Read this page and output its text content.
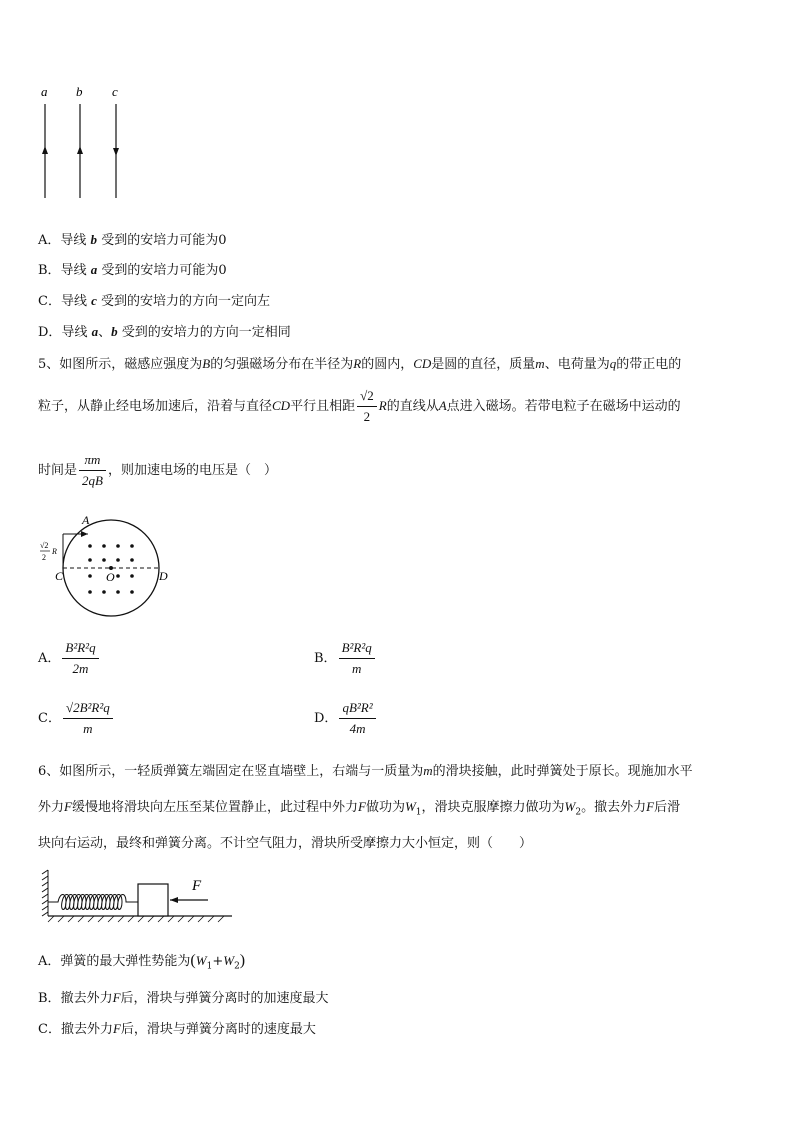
a b c
A．导线 b 受到的安培力可能为0
B．导线 a 受到的安培力可能为0
C．导线 c 受到的安培力的方向一定向左
D．导线 a、b 受到的安培力的方向一定相同
5、如图所示，磁感应强度为B的匀强磁场分布在半径为R的圆内，CD是圆的直径，质量m、电荷量为q的带正电的
粒子，从静止经电场加速后，沿着与直径CD平行且相距 $\frac{√2}{2}$ R的直线从A点进入磁场。若带电粒子在磁场中运动的
时间是 $\frac{\pi m}{2qB}$ ，则加速电场的电压是（　）
A
C	O	D
√2
2
R
A． $\frac{\text{B²R²q}}{2m}$	B． $\frac{\text{B²R²q}}{m}$
C． $\frac{\text{√2B²R²q}}{m}$	D． $\frac{\text{qB²R²}}{4m}$
6、如图所示，一轻质弹簧左端固定在竖直墙壁上，右端与一质量为m的滑块接触，此时弹簧处于原长。现施加水平
外力F缓慢地将滑块向左压至某位置静止，此过程中外力F做功为$W_1$，滑块克服摩擦力做功为$W_2$。撤去外力F后滑
块向右运动，最终和弹簧分离。不计空气阻力，滑块所受摩擦力大小恒定，则（　　）
F
A．弹簧的最大弹性势能为$(W_1+W_2)$
B．撤去外力F后，滑块与弹簧分离时的加速度最大
C．撤去外力F后，滑块与弹簧分离时的速度最大
